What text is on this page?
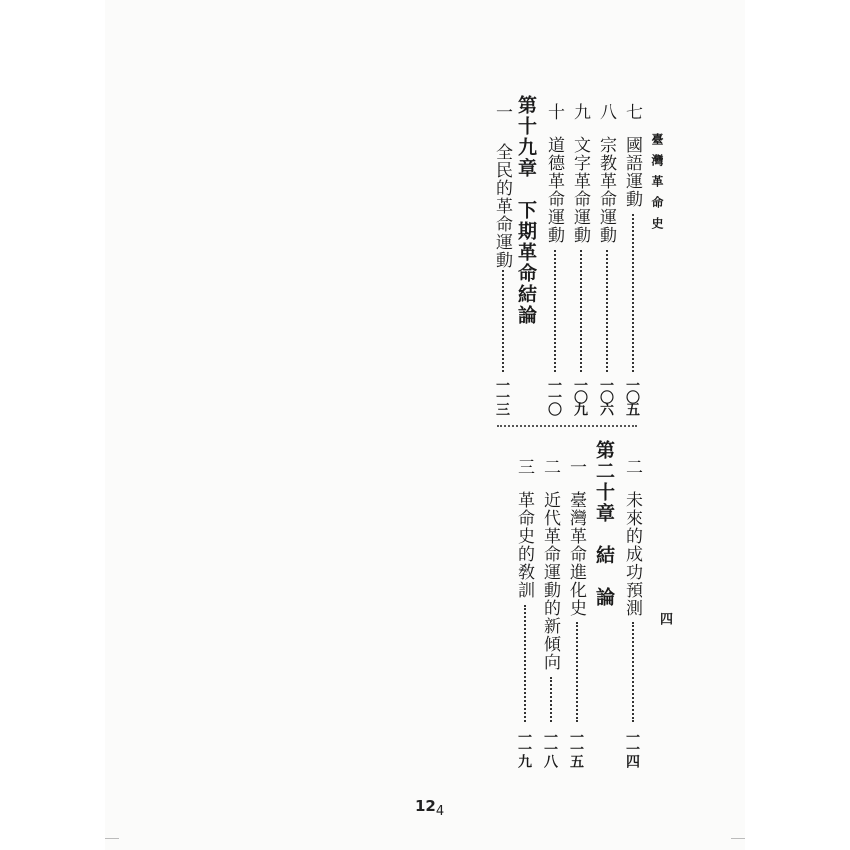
臺灣革命史
七
國語運動
一〇五
八
宗教革命運動
一〇六
九
文字革命運動
一〇九
十
道德革命運動
一一〇
第十九章　下期革命結論
一
全民的革命運動
一一三
二
未來的成功預測
一一四
第二十章　結　論
一
臺灣革命進化史
一一五
二
近代革命運動的新傾向
一一八
三
革命史的敎訓
一一九
四
124
